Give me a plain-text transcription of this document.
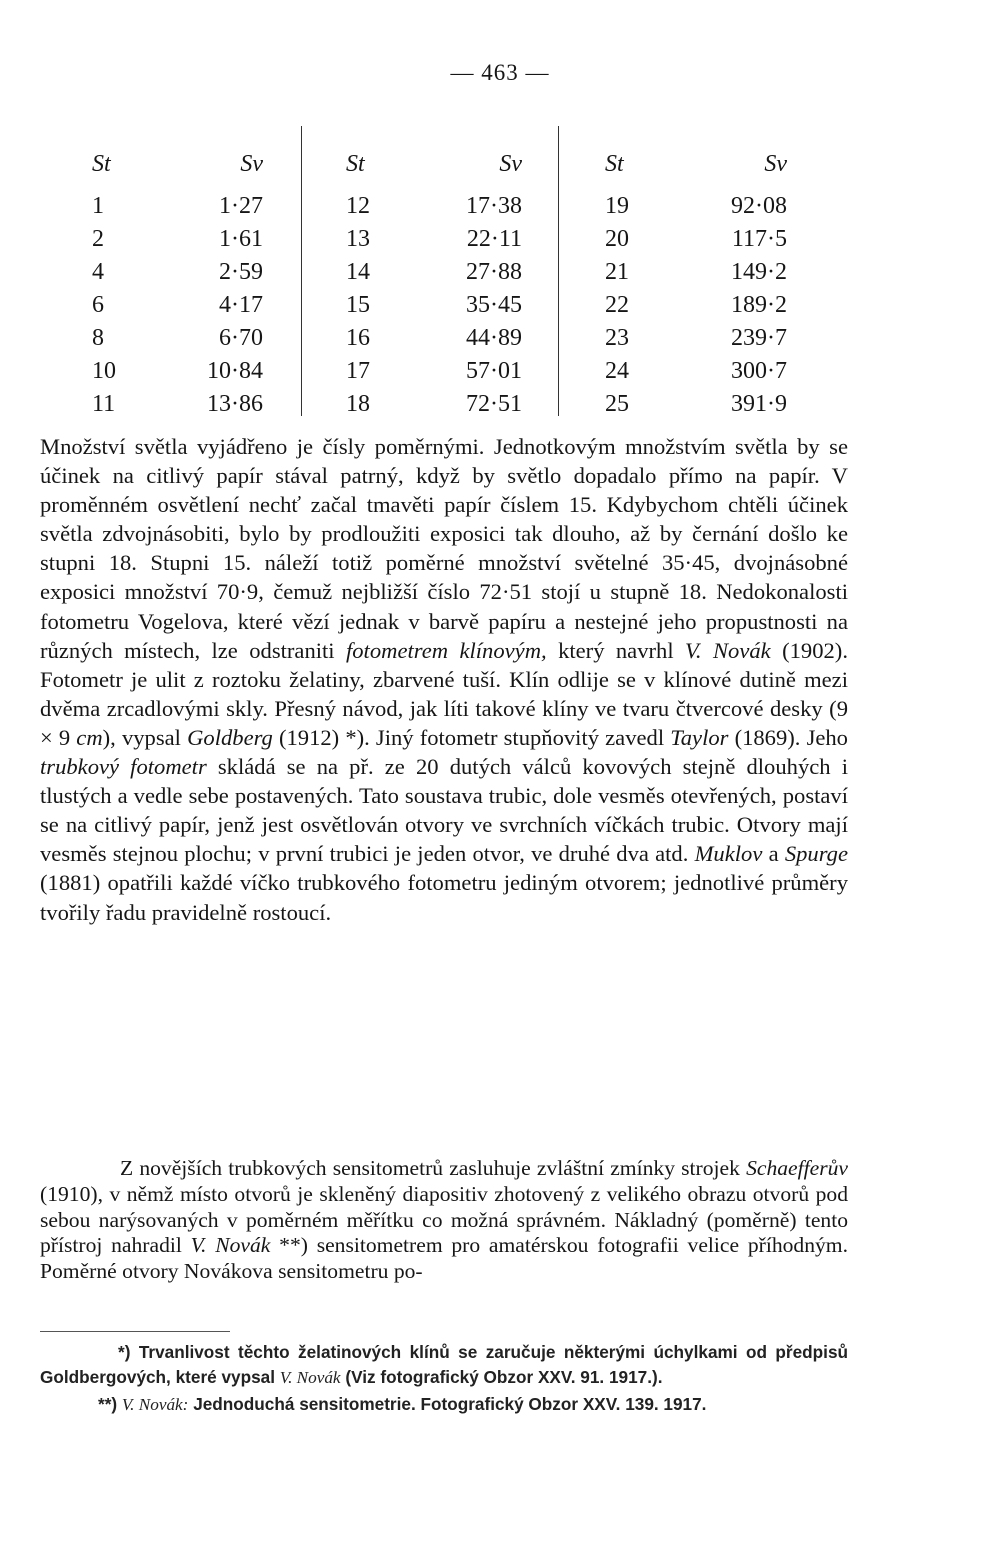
— 463 —
St
1
2
4
6
8
10
11
Sv
1·27
1·61
2·59
4·17
6·70
10·84
13·86
St
12
13
14
15
16
17
18
Sv
17·38
22·11
27·88
35·45
44·89
57·01
72·51
St
19
20
21
22
23
24
25
Sv
92·08
117·5
149·2
189·2
239·7
300·7
391·9

Množství světla vyjádřeno je čísly poměrnými. Jednotkovým množstvím světla by se účinek na citlivý papír stával patrný, když by světlo dopadalo přímo na papír. V proměnném osvětlení nechť začal tmavěti papír číslem 15. Kdybychom chtěli účinek světla zdvojnásobiti, bylo by prodloužiti exposici tak dlouho, až by černání došlo ke stupni 18. Stupni 15. náleží totiž poměrné množství světelné 35·45, dvojnásobné exposici množství 70·9, čemuž nejbližší číslo 72·51 stojí u stupně 18. Nedokonalosti fotometru Vogelova, které vězí jednak v barvě papíru a nestejné jeho propustnosti na různých místech, lze odstraniti fotometrem klínovým, který navrhl V. Novák (1902). Fotometr je ulit z roztoku želatiny, zbarvené tuší. Klín odlije se v klínové dutině mezi dvěma zrcadlovými skly. Přesný návod, jak líti takové klíny ve tvaru čtvercové desky (9 × 9 cm), vypsal Goldberg (1912) *). Jiný fotometr stupňovitý zavedl Taylor (1869). Jeho trubkový fotometr skládá se na př. ze 20 dutých válců kovových stejně dlouhých i tlustých a vedle sebe postavených. Tato soustava trubic, dole vesměs otevřených, postaví se na citlivý papír, jenž jest osvětlován otvory ve svrchních víčkách trubic. Otvory mají vesměs stejnou plochu; v první trubici je jeden otvor, ve druhé dva atd. Muklov a Spurge (1881) opatřili každé víčko trubkového fotometru jediným otvorem; jednotlivé průměry tvořily řadu pravidelně rostoucí.

Z novějších trubkových sensitometrů zasluhuje zvláštní zmínky strojek Schaefferův (1910), v němž místo otvorů je skleněný diapositiv zhotovený z velikého obrazu otvorů pod sebou narýsovaných v poměrném měřítku co možná správném. Nákladný (poměrně) tento přístroj nahradil V. Novák **) sensitometrem pro amatérskou fotografii velice příhodným. Poměrné otvory Novákova sensitometru po-

*) Trvanlivost těchto želatinových klínů se zaručuje některými úchylkami od předpisů Goldbergových, které vypsal V. Novák (Viz fotografický Obzor XXV. 91. 1917.).

**) V. Novák: Jednoduchá sensitometrie. Fotografický Obzor XXV. 139. 1917.
